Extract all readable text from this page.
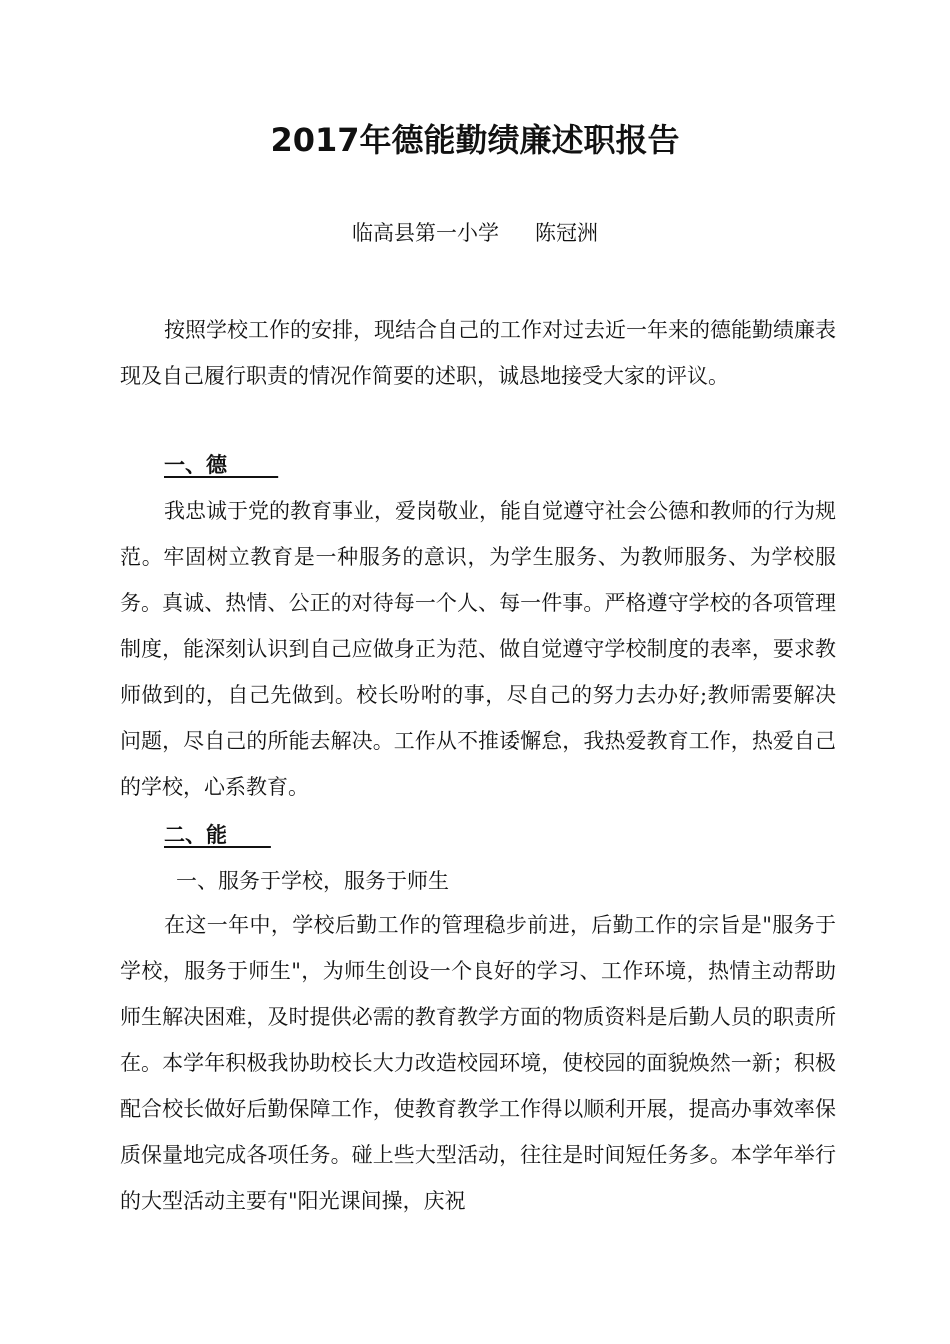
2017年德能勤绩廉述职报告
临高县第一小学 陈冠洲
按照学校工作的安排，现结合自己的工作对过去近一年来的德能勤绩廉表现及自己履行职责的情况作简要的述职，诚恳地接受大家的评议。
一、德
我忠诚于党的教育事业，爱岗敬业，能自觉遵守社会公德和教师的行为规范。牢固树立教育是一种服务的意识，为学生服务、为教师服务、为学校服务。真诚、热情、公正的对待每一个人、每一件事。严格遵守学校的各项管理制度，能深刻认识到自己应做身正为范、做自觉遵守学校制度的表率，要求教师做到的，自己先做到。校长吩咐的事，尽自己的努力去办好;教师需要解决问题，尽自己的所能去解决。工作从不推诿懈怠，我热爱教育工作，热爱自己的学校，心系教育。
二、能
一、服务于学校，服务于师生
在这一年中，学校后勤工作的管理稳步前进，后勤工作的宗旨是"服务于学校，服务于师生"，为师生创设一个良好的学习、工作环境，热情主动帮助师生解决困难，及时提供必需的教育教学方面的物质资料是后勤人员的职责所在。本学年积极我协助校长大力改造校园环境，使校园的面貌焕然一新；积极配合校长做好后勤保障工作，使教育教学工作得以顺利开展，提高办事效率保质保量地完成各项任务。碰上些大型活动，往往是时间短任务多。本学年举行的大型活动主要有"阳光课间操，庆祝
